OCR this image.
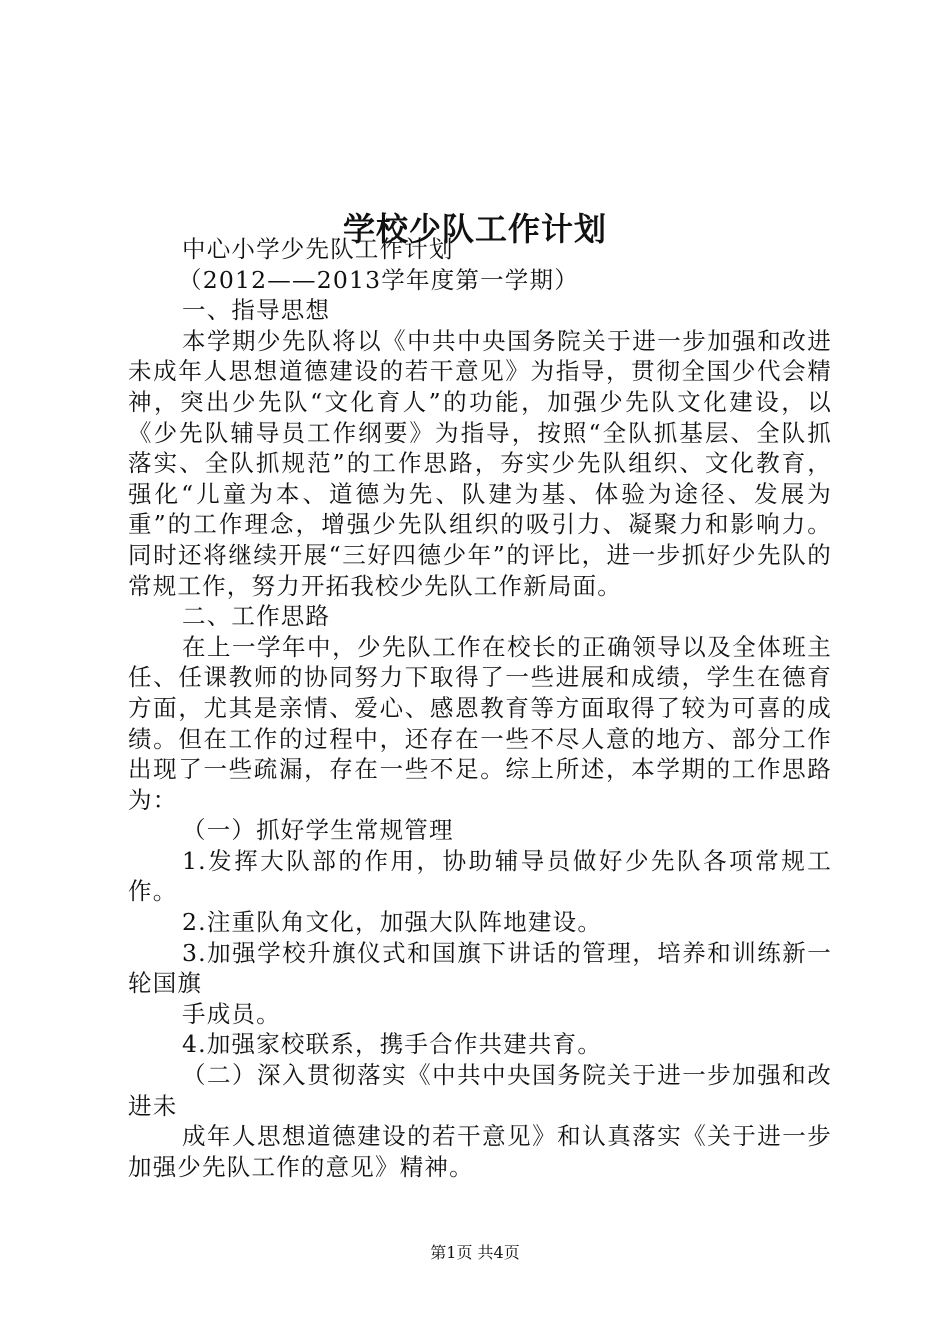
学校少队工作计划

中心小学少先队工作计划

（2012——2013学年度第一学期）

一、指导思想

本学期少先队将以《中共中央国务院关于进一步加强和改进未成年人思想道德建设的若干意见》为指导，贯彻全国少代会精神，突出少先队“文化育人”的功能，加强少先队文化建设，以《少先队辅导员工作纲要》为指导，按照“全队抓基层、全队抓落实、全队抓规范”的工作思路，夯实少先队组织、文化教育，强化“儿童为本、道德为先、队建为基、体验为途径、发展为重”的工作理念，增强少先队组织的吸引力、凝聚力和影响力。同时还将继续开展“三好四德少年”的评比，进一步抓好少先队的常规工作，努力开拓我校少先队工作新局面。

二、工作思路

在上一学年中，少先队工作在校长的正确领导以及全体班主任、任课教师的协同努力下取得了一些进展和成绩，学生在德育方面，尤其是亲情、爱心、感恩教育等方面取得了较为可喜的成绩。但在工作的过程中，还存在一些不尽人意的地方、部分工作出现了一些疏漏，存在一些不足。综上所述，本学期的工作思路为：

（一）抓好学生常规管理

1.发挥大队部的作用，协助辅导员做好少先队各项常规工作。

2.注重队角文化，加强大队阵地建设。

3.加强学校升旗仪式和国旗下讲话的管理，培养和训练新一轮国旗

手成员。

4.加强家校联系，携手合作共建共育。

（二）深入贯彻落实《中共中央国务院关于进一步加强和改进未

成年人思想道德建设的若干意见》和认真落实《关于进一步加强少先队工作的意见》精神。

第1页 共4页
